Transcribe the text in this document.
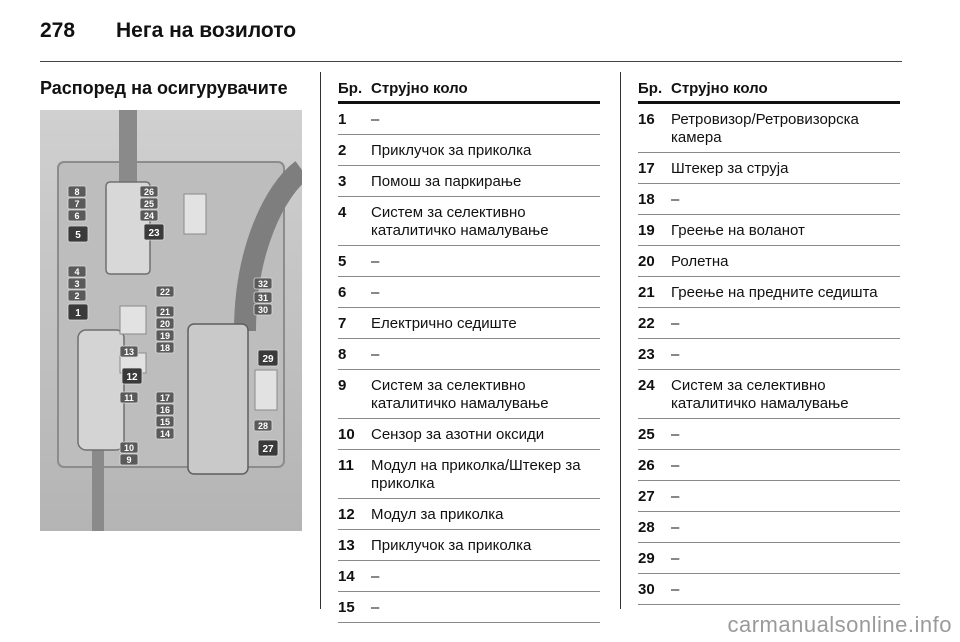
278 Нега на возилото
Распоред на осигурувачите
8
7
6
5
26
25
24
23
4
3
2	22
32
31
30
1	21
20
19
13	18
29
12
11	17
16
15
14
28
10
9
27
Бр. Струјно коло
1	–
2	Приклучок за приколка
3	Помош за паркирање
4	Систем за селективно каталитичко намалување
5	–
6	–
7	Електрично седиште
8	–
9	Систем за селективно каталитичко намалување
10	Сензор за азотни оксиди
11	Модул на приколка/Штекер за приколка
12	Модул за приколка
13	Приклучок за приколка
14	–
15	–
Бр. Струјно коло
16	Ретровизор/Ретровизорска камера
17	Штекер за струја
18	–
19	Греење на воланот
20	Ролетна
21	Греење на предните седишта
22	–
23	–
24	Систем за селективно каталитичко намалување
25	–
26	–
27	–
28	–
29	–
30	–
carmanualsonline.info
